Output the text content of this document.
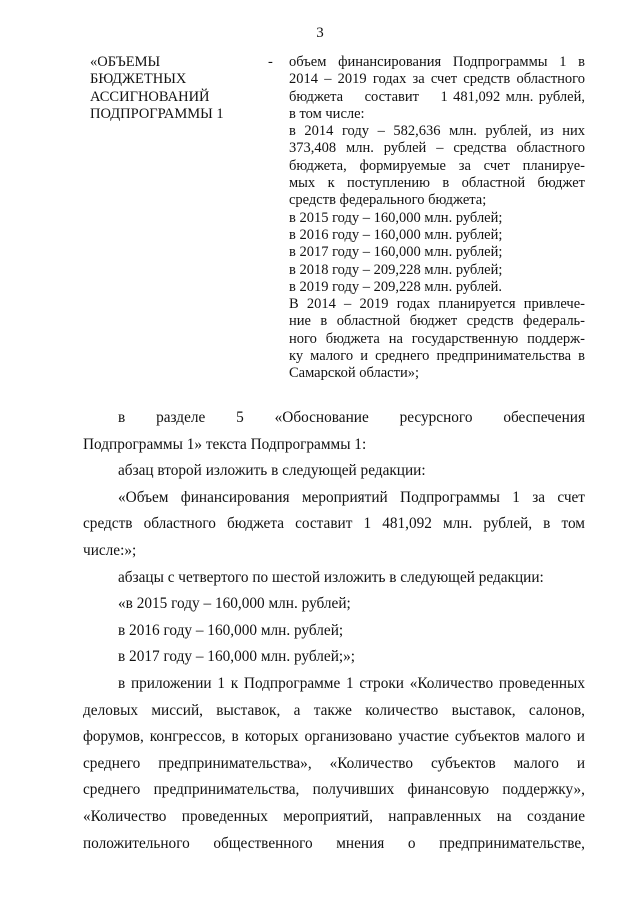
3
«ОБЪЕМЫ
БЮДЖЕТНЫХ
АССИГНОВАНИЙ
ПОДПРОГРАММЫ 1
- объем финансирования Подпрограммы 1 в
2014 – 2019 годах за счет средств областного
бюджета    составит    1 481,092 млн. рублей,
в том числе:
в 2014 году – 582,636 млн. рублей, из них
373,408 млн. рублей – средства областного
бюджета, формируемые за счет планируе-
мых к поступлению в областной бюджет
средств федерального бюджета;
в 2015 году – 160,000 млн. рублей;
в 2016 году – 160,000 млн. рублей;
в 2017 году – 160,000 млн. рублей;
в 2018 году – 209,228 млн. рублей;
в 2019 году – 209,228 млн. рублей.
В 2014 – 2019 годах планируется привлече-
ние в областной бюджет средств федераль-
ного бюджета на государственную поддерж-
ку малого и среднего предпринимательства в
Самарской области»;
в разделе 5 «Обоснование ресурсного обеспечения
Подпрограммы 1» текста Подпрограммы 1:
абзац второй изложить в следующей редакции:
«Объем финансирования мероприятий Подпрограммы 1 за счет
средств областного бюджета составит 1 481,092 млн. рублей, в том
числе:»;
абзацы с четвертого по шестой изложить в следующей редакции:
«в 2015 году – 160,000 млн. рублей;
в 2016 году – 160,000 млн. рублей;
в 2017 году – 160,000 млн. рублей;»;
в приложении 1 к Подпрограмме 1 строки «Количество проведенных
деловых миссий, выставок, а также количество выставок, салонов,
форумов, конгрессов, в которых организовано участие субъектов малого и
среднего предпринимательства», «Количество субъектов малого и
среднего предпринимательства, получивших финансовую поддержку»,
«Количество проведенных мероприятий, направленных на создание
положительного общественного мнения о предпринимательстве,
